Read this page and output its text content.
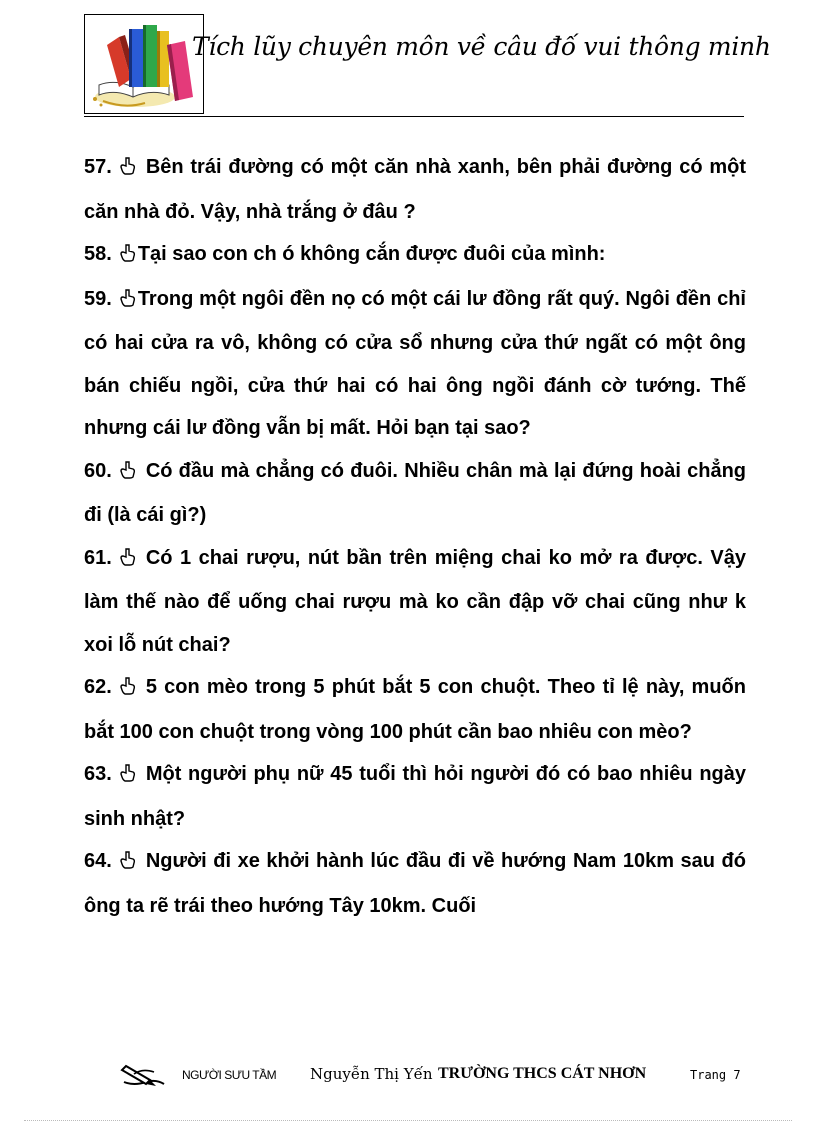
Tích lũy chuyên môn về câu đố vui thông minh
57. Bên trái đường có một căn nhà xanh, bên phải đường có một căn nhà đỏ. Vậy, nhà trắng ở đâu ?
58. Tại sao con ch ó không cắn được đuôi của mình:
59. Trong một ngôi đền nọ có một cái lư đồng rất quý. Ngôi đền chỉ có hai cửa ra vô, không có cửa sổ nhưng cửa thứ ngất có một ông bán chiếu ngồi, cửa thứ hai có hai ông ngồi đánh cờ tướng. Thế nhưng cái lư đồng vẫn bị mất. Hỏi bạn tại sao?
60. Có đầu mà chẳng có đuôi. Nhiều chân mà lại đứng hoài chẳng đi (là cái gì?)
61. Có 1 chai rượu, nút bần trên miệng chai ko mở ra được. Vậy làm thế nào để uống chai rượu mà ko cần đập vỡ chai cũng như k xoi lỗ nút chai?
62. 5 con mèo trong 5 phút bắt 5 con chuột. Theo tỉ lệ này, muốn bắt 100 con chuột trong vòng 100 phút cần bao nhiêu con mèo?
63. Một người phụ nữ 45 tuổi thì hỏi người đó có bao nhiêu ngày sinh nhật?
64. Người đi xe khởi hành lúc đầu đi về hướng Nam 10km sau đó ông ta rẽ trái theo hướng Tây 10km. Cuối
NGƯỜI SƯU TẦM Nguyễn Thị Yến TRƯỜNG THCS CÁT NHƠN	Trang 7
